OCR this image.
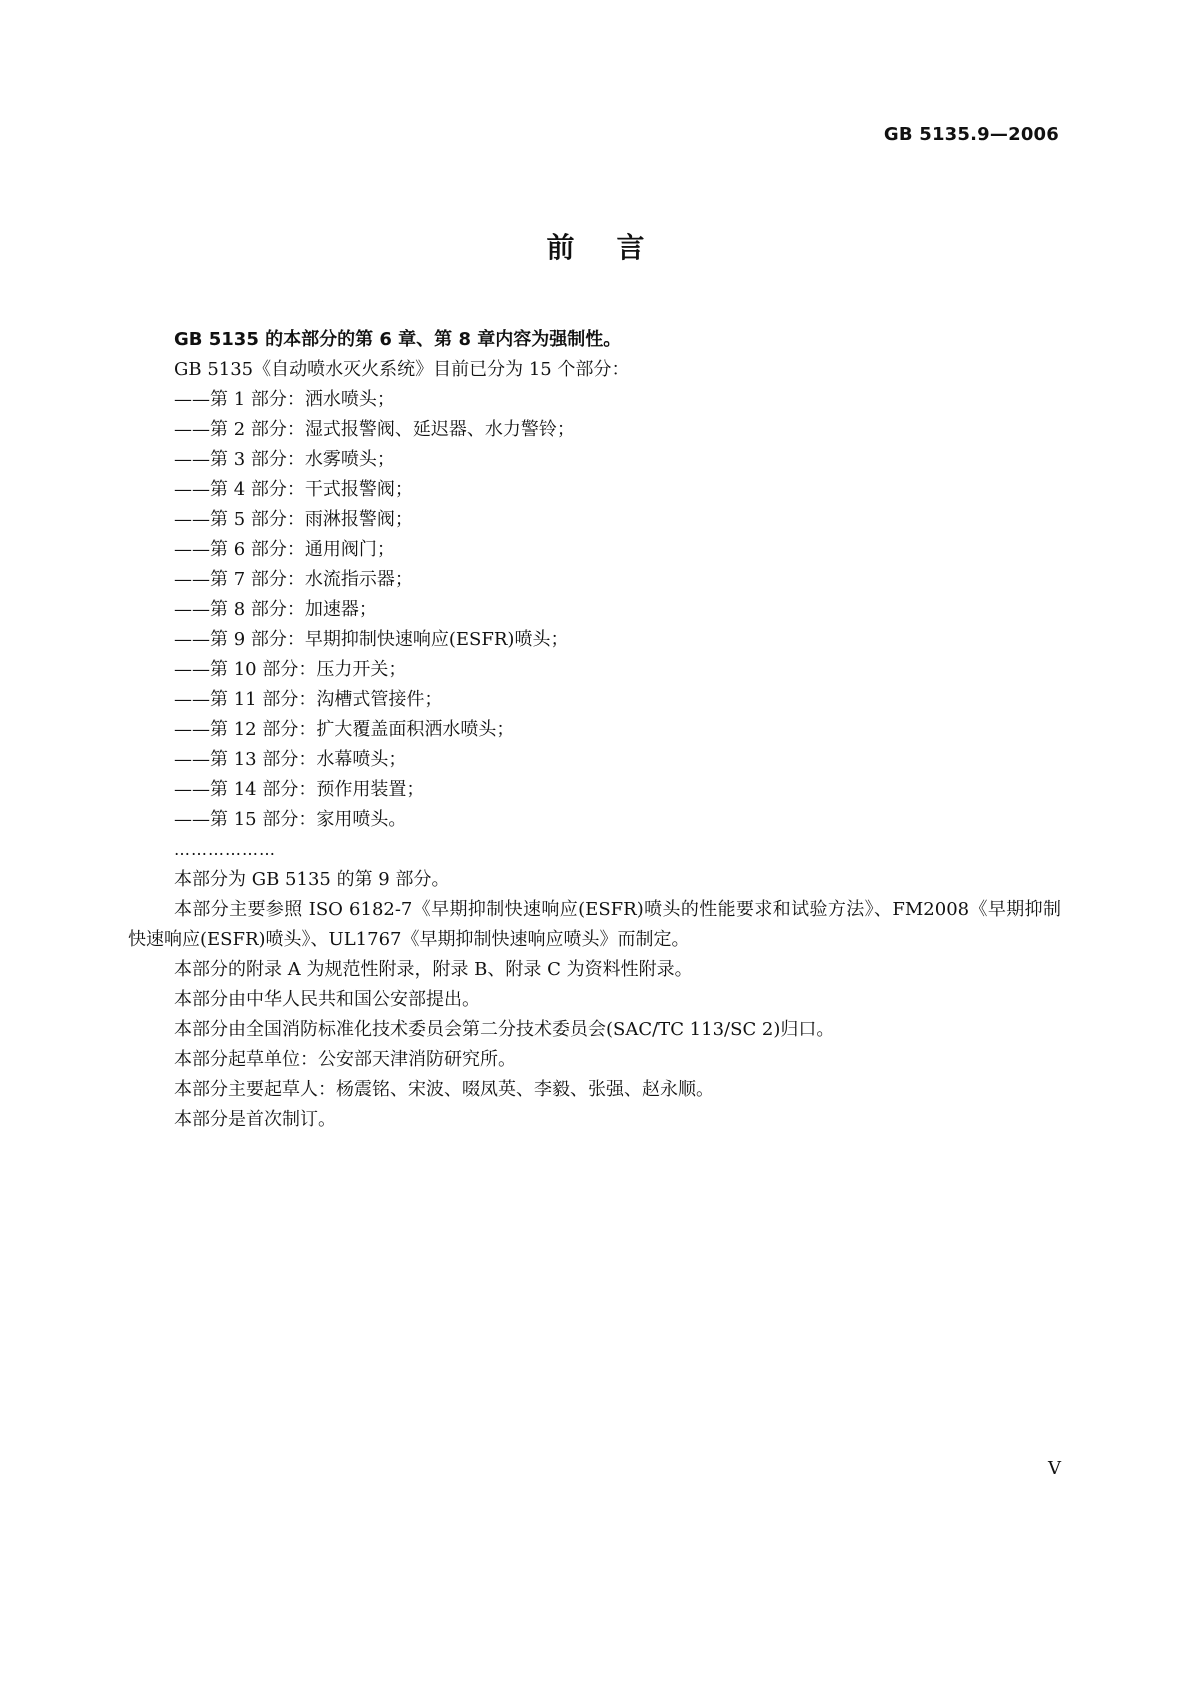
GB 5135.9—2006
前言
GB 5135 的本部分的第 6 章、第 8 章内容为强制性。
GB 5135《自动喷水灭火系统》目前已分为 15 个部分：
——第 1 部分：洒水喷头；
——第 2 部分：湿式报警阀、延迟器、水力警铃；
——第 3 部分：水雾喷头；
——第 4 部分：干式报警阀；
——第 5 部分：雨淋报警阀；
——第 6 部分：通用阀门；
——第 7 部分：水流指示器；
——第 8 部分：加速器；
——第 9 部分：早期抑制快速响应(ESFR)喷头；
——第 10 部分：压力开关；
——第 11 部分：沟槽式管接件；
——第 12 部分：扩大覆盖面积洒水喷头；
——第 13 部分：水幕喷头；
——第 14 部分：预作用装置；
——第 15 部分：家用喷头。
………………
本部分为 GB 5135 的第 9 部分。
本部分主要参照 ISO 6182-7《早期抑制快速响应(ESFR)喷头的性能要求和试验方法》、FM2008《早期抑制快速响应(ESFR)喷头》、UL1767《早期抑制快速响应喷头》而制定。
本部分的附录 A 为规范性附录，附录 B、附录 C 为资料性附录。
本部分由中华人民共和国公安部提出。
本部分由全国消防标准化技术委员会第二分技术委员会(SAC/TC 113/SC 2)归口。
本部分起草单位：公安部天津消防研究所。
本部分主要起草人：杨震铭、宋波、啜凤英、李毅、张强、赵永顺。
本部分是首次制订。
V
